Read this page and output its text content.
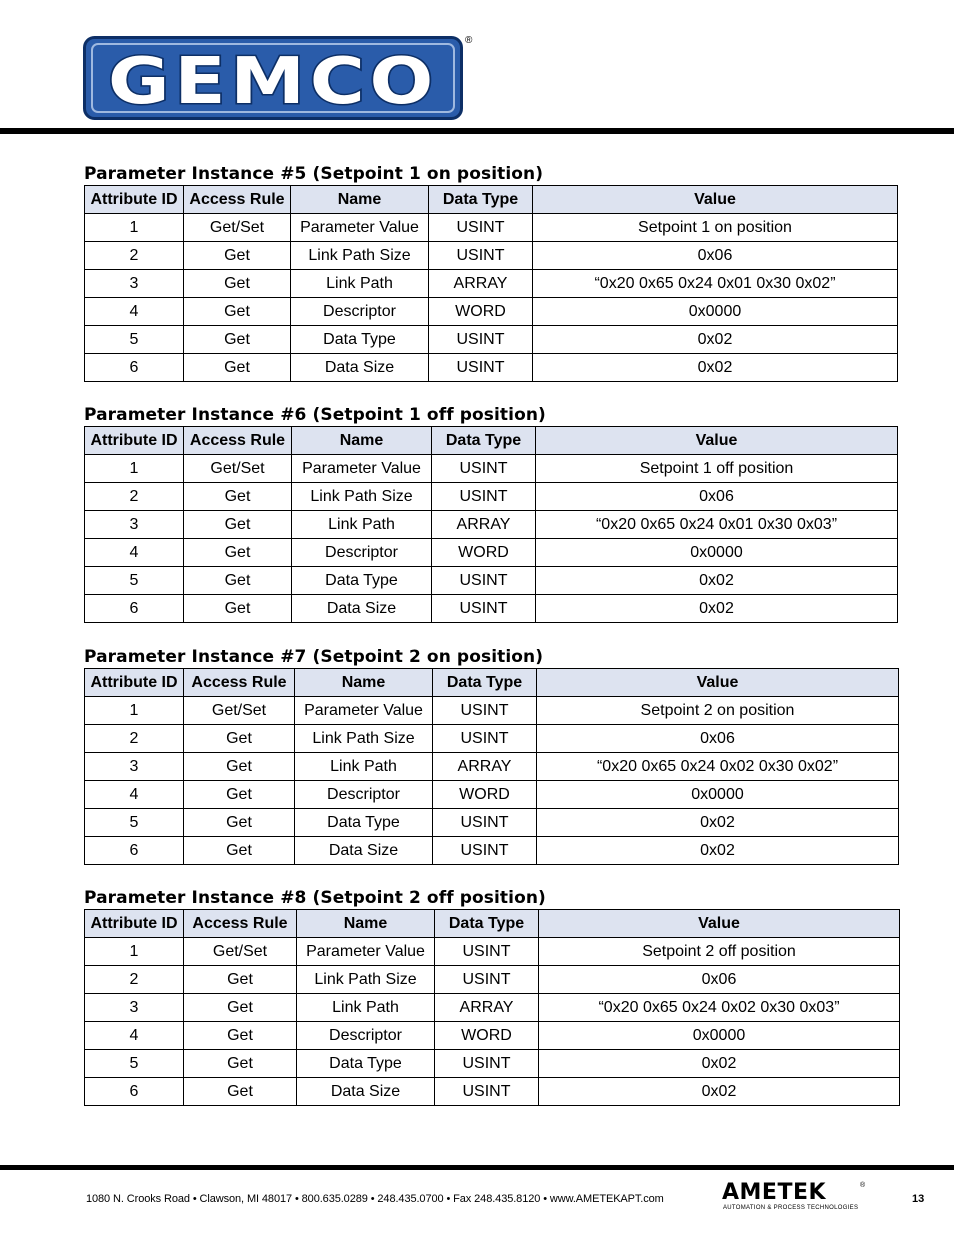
GEMCO
®
Parameter Instance #5 (Setpoint 1 on position)
Attribute ID	Access Rule	Name	Data Type	Value
1	Get/Set	Parameter Value	USINT	Setpoint 1 on position
2	Get	Link Path Size	USINT	0x06
3	Get	Link Path	ARRAY	“0x20 0x65 0x24 0x01 0x30 0x02”
4	Get	Descriptor	WORD	0x0000
5	Get	Data Type	USINT	0x02
6	Get	Data Size	USINT	0x02
Parameter Instance #6 (Setpoint 1 off position)
Attribute ID	Access Rule	Name	Data Type	Value
1	Get/Set	Parameter Value	USINT	Setpoint 1 off position
2	Get	Link Path Size	USINT	0x06
3	Get	Link Path	ARRAY	“0x20 0x65 0x24 0x01 0x30 0x03”
4	Get	Descriptor	WORD	0x0000
5	Get	Data Type	USINT	0x02
6	Get	Data Size	USINT	0x02
Parameter Instance #7 (Setpoint 2 on position)
Attribute ID	Access Rule	Name	Data Type	Value
1	Get/Set	Parameter Value	USINT	Setpoint 2 on position
2	Get	Link Path Size	USINT	0x06
3	Get	Link Path	ARRAY	“0x20 0x65 0x24 0x02 0x30 0x02”
4	Get	Descriptor	WORD	0x0000
5	Get	Data Type	USINT	0x02
6	Get	Data Size	USINT	0x02
Parameter Instance #8 (Setpoint 2 off position)
Attribute ID	Access Rule	Name	Data Type	Value
1	Get/Set	Parameter Value	USINT	Setpoint 2 off position
2	Get	Link Path Size	USINT	0x06
3	Get	Link Path	ARRAY	“0x20 0x65 0x24 0x02 0x30 0x03”
4	Get	Descriptor	WORD	0x0000
5	Get	Data Type	USINT	0x02
6	Get	Data Size	USINT	0x02
1080 N. Crooks Road • Clawson, MI 48017 • 800.635.0289 • 248.435.0700 • Fax 248.435.8120 • www.AMETEKAPT.com	AMETEK	®
AUTOMATION & PROCESS TECHNOLOGIES
13
